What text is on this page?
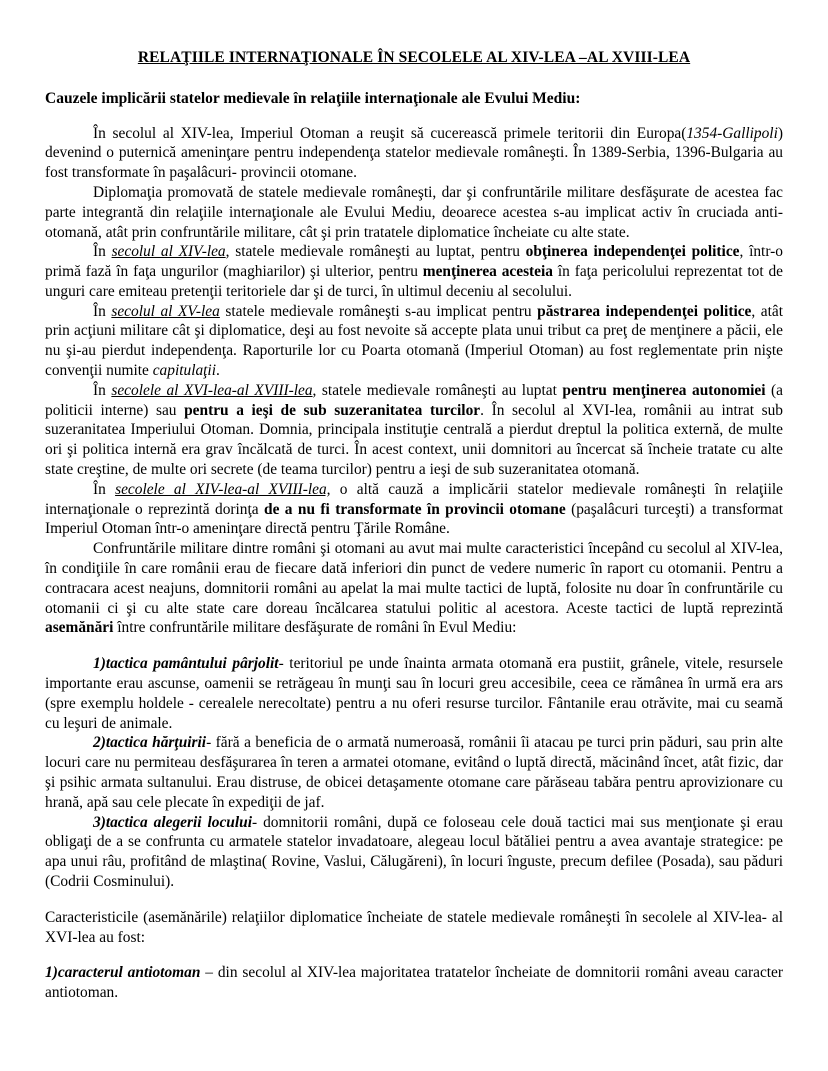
RELAŢIILE INTERNAŢIONALE ÎN SECOLELE AL XIV-LEA –AL XVIII-LEA

Cauzele implicării statelor medievale în relaţiile internaţionale ale Evului Mediu:

În secolul al XIV-lea, Imperiul Otoman a reuşit să cucerească primele teritorii din Europa(1354-Gallipoli) devenind o puternică ameninţare pentru independenţa statelor medievale româneşti. În 1389-Serbia, 1396-Bulgaria au fost transformate în paşalâcuri- provincii otomane.

Diplomaţia promovată de statele medievale româneşti, dar şi confruntările militare desfăşurate de acestea fac parte integrantă din relaţiile internaţionale ale Evului Mediu, deoarece acestea s-au implicat activ în cruciada anti-otomană, atât prin confruntările militare, cât şi prin tratatele diplomatice încheiate cu alte state.

În secolul al XIV-lea, statele medievale româneşti au luptat, pentru obţinerea independenţei politice, într-o primă fază în faţa ungurilor (maghiarilor) şi ulterior, pentru menţinerea acesteia în faţa pericolului reprezentat tot de unguri care emiteau pretenţii teritoriele dar şi de turci, în ultimul deceniu al secolului.

În secolul al XV-lea statele medievale româneşti s-au implicat pentru păstrarea independenţei politice, atât prin acţiuni militare cât şi diplomatice, deşi au fost nevoite să accepte plata unui tribut ca preţ de menţinere a păcii, ele nu şi-au pierdut independenţa. Raporturile lor cu Poarta otomană (Imperiul Otoman) au fost reglementate prin nişte convenţii numite capitulaţii.

În secolele al XVI-lea-al XVIII-lea, statele medievale româneşti au luptat pentru menţinerea autonomiei (a politicii interne) sau pentru a ieşi de sub suzeranitatea turcilor. În secolul al XVI-lea, românii au intrat sub suzeranitatea Imperiului Otoman. Domnia, principala instituţie centrală a pierdut dreptul la politica externă, de multe ori şi politica internă era grav încălcată de turci. În acest context, unii domnitori au încercat să încheie tratate cu alte state creştine, de multe ori secrete (de teama turcilor) pentru a ieşi de sub suzeranitatea otomană.

În secolele al XIV-lea-al XVIII-lea, o altă cauză a implicării statelor medievale româneşti în relaţiile internaţionale o reprezintă dorinţa de a nu fi transformate în provincii otomane (paşalâcuri turceşti) a transformat Imperiul Otoman într-o ameninţare directă pentru Ţările Române.

Confruntările militare dintre români şi otomani au avut mai multe caracteristici începând cu secolul al XIV-lea, în condiţiile în care românii erau de fiecare dată inferiori din punct de vedere numeric în raport cu otomanii. Pentru a contracara acest neajuns, domnitorii români au apelat la mai multe tactici de luptă, folosite nu doar în confruntările cu otomanii ci şi cu alte state care doreau încălcarea statului politic al acestora. Aceste tactici de luptă reprezintă asemănări între confruntările militare desfăşurate de români în Evul Mediu:

1)tactica pamântului pârjolit- teritoriul pe unde înainta armata otomană era pustiit, grânele, vitele, resursele importante erau ascunse, oamenii se retrăgeau în munţi sau în locuri greu accesibile, ceea ce rămânea în urmă era ars (spre exemplu holdele - cerealele nerecoltate) pentru a nu oferi resurse turcilor. Fântanile erau otrăvite, mai cu seamă cu leşuri de animale.

2)tactica hărţuirii- fără a beneficia de o armată numeroasă, românii îi atacau pe turci prin păduri, sau prin alte locuri care nu permiteau desfăşurarea în teren a armatei otomane, evitând o luptă directă, măcinând încet, atât fizic, dar şi psihic armata sultanului. Erau distruse, de obicei detaşamente otomane care părăseau tabăra pentru aprovizionare cu hrană, apă sau cele plecate în expediţii de jaf.

3)tactica alegerii locului- domnitorii români, după ce foloseau cele două tactici mai sus menţionate şi erau obligaţi de a se confrunta cu armatele statelor invadatoare, alegeau locul bătăliei pentru a avea avantaje strategice: pe apa unui râu, profitând de mlaştina( Rovine, Vaslui, Călugăreni), în locuri înguste, precum defilee (Posada), sau păduri (Codrii Cosminului).

Caracteristicile (asemănările) relaţiilor diplomatice încheiate de statele medievale româneşti în secolele al XIV-lea- al XVI-lea au fost:

1)caracterul antiotoman – din secolul al XIV-lea majoritatea tratatelor încheiate de domnitorii români aveau caracter antiotoman.
